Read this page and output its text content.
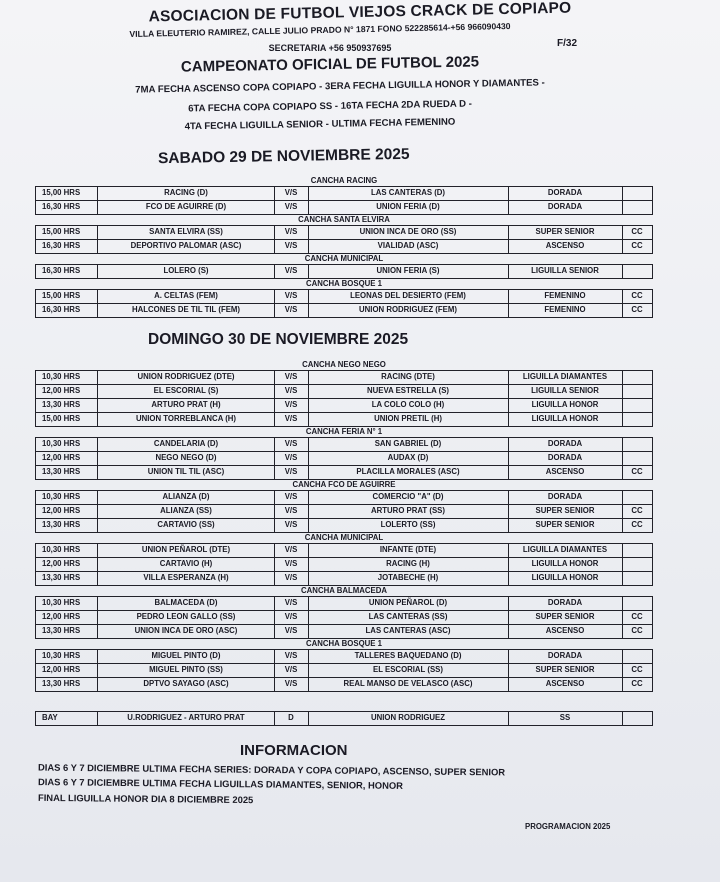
ASOCIACION DE FUTBOL VIEJOS CRACK DE COPIAPO
VILLA ELEUTERIO RAMIREZ, CALLE JULIO PRADO N° 1871 FONO 522285614-+56 966090430
SECRETARIA +56 950937695	F/32
CAMPEONATO OFICIAL DE FUTBOL 2025
7MA FECHA ASCENSO COPA COPIAPO - 3ERA FECHA LIGUILLA HONOR Y DIAMANTES -
6TA FECHA COPA COPIAPO SS - 16TA FECHA 2DA RUEDA D -
4TA FECHA LIGUILLA SENIOR - ULTIMA FECHA FEMENINO
SABADO 29 DE NOVIEMBRE 2025
CANCHA RACING
15,00 HRS	RACING (D)	V/S	LAS CANTERAS (D)	DORADA
16,30 HRS	FCO DE AGUIRRE (D)	V/S	UNION FERIA (D)	DORADA
CANCHA SANTA ELVIRA
15,00 HRS	SANTA ELVIRA (SS)	V/S	UNION INCA DE ORO (SS)	SUPER SENIOR	CC
16,30 HRS	DEPORTIVO PALOMAR (ASC)	V/S	VIALIDAD (ASC)	ASCENSO	CC
CANCHA MUNICIPAL
16,30 HRS	LOLERO (S)	V/S	UNION FERIA (S)	LIGUILLA SENIOR
CANCHA BOSQUE 1
15,00 HRS	A. CELTAS (FEM)	V/S	LEONAS DEL DESIERTO (FEM)	FEMENINO	CC
16,30 HRS	HALCONES DE TIL TIL (FEM)	V/S	UNION RODRIGUEZ (FEM)	FEMENINO	CC
DOMINGO 30 DE NOVIEMBRE 2025
CANCHA NEGO NEGO
10,30 HRS	UNION RODRIGUEZ (DTE)	V/S	RACING (DTE)	LIGUILLA DIAMANTES
12,00 HRS	EL ESCORIAL (S)	V/S	NUEVA ESTRELLA (S)	LIGUILLA SENIOR
13,30 HRS	ARTURO PRAT (H)	V/S	LA COLO COLO (H)	LIGUILLA HONOR
15,00 HRS	UNION TORREBLANCA (H)	V/S	UNION PRETIL (H)	LIGUILLA HONOR
CANCHA FERIA N° 1
10,30 HRS	CANDELARIA (D)	V/S	SAN GABRIEL (D)	DORADA
12,00 HRS	NEGO NEGO (D)	V/S	AUDAX (D)	DORADA
13,30 HRS	UNION TIL TIL (ASC)	V/S	PLACILLA MORALES (ASC)	ASCENSO	CC
CANCHA FCO DE AGUIRRE
10,30 HRS	ALIANZA (D)	V/S	COMERCIO "A" (D)	DORADA
12,00 HRS	ALIANZA (SS)	V/S	ARTURO PRAT (SS)	SUPER SENIOR	CC
13,30 HRS	CARTAVIO (SS)	V/S	LOLERTO (SS)	SUPER SENIOR	CC
CANCHA MUNICIPAL
10,30 HRS	UNION PEÑAROL (DTE)	V/S	INFANTE (DTE)	LIGUILLA DIAMANTES
12,00 HRS	CARTAVIO (H)	V/S	RACING (H)	LIGUILLA HONOR
13,30 HRS	VILLA ESPERANZA (H)	V/S	JOTABECHE (H)	LIGUILLA HONOR
CANCHA BALMACEDA
10,30 HRS	BALMACEDA (D)	V/S	UNION PEÑAROL (D)	DORADA
12,00 HRS	PEDRO LEON GALLO (SS)	V/S	LAS CANTERAS (SS)	SUPER SENIOR	CC
13,30 HRS	UNION INCA DE ORO (ASC)	V/S	LAS CANTERAS (ASC)	ASCENSO	CC
CANCHA BOSQUE 1
10,30 HRS	MIGUEL PINTO (D)	V/S	TALLERES BAQUEDANO (D)	DORADA
12,00 HRS	MIGUEL PINTO (SS)	V/S	EL ESCORIAL (SS)	SUPER SENIOR	CC
13,30 HRS	DPTVO SAYAGO (ASC)	V/S	REAL MANSO DE VELASCO (ASC)	ASCENSO	CC
BAY	U.RODRIGUEZ - ARTURO PRAT	D	UNION RODRIGUEZ	SS
INFORMACION
DIAS 6 Y 7 DICIEMBRE ULTIMA FECHA SERIES: DORADA Y COPA COPIAPO, ASCENSO, SUPER SENIOR
DIAS 6 Y 7 DICIEMBRE ULTIMA FECHA LIGUILLAS DIAMANTES, SENIOR, HONOR
FINAL LIGUILLA HONOR DIA 8 DICIEMBRE 2025
PROGRAMACION 2025
